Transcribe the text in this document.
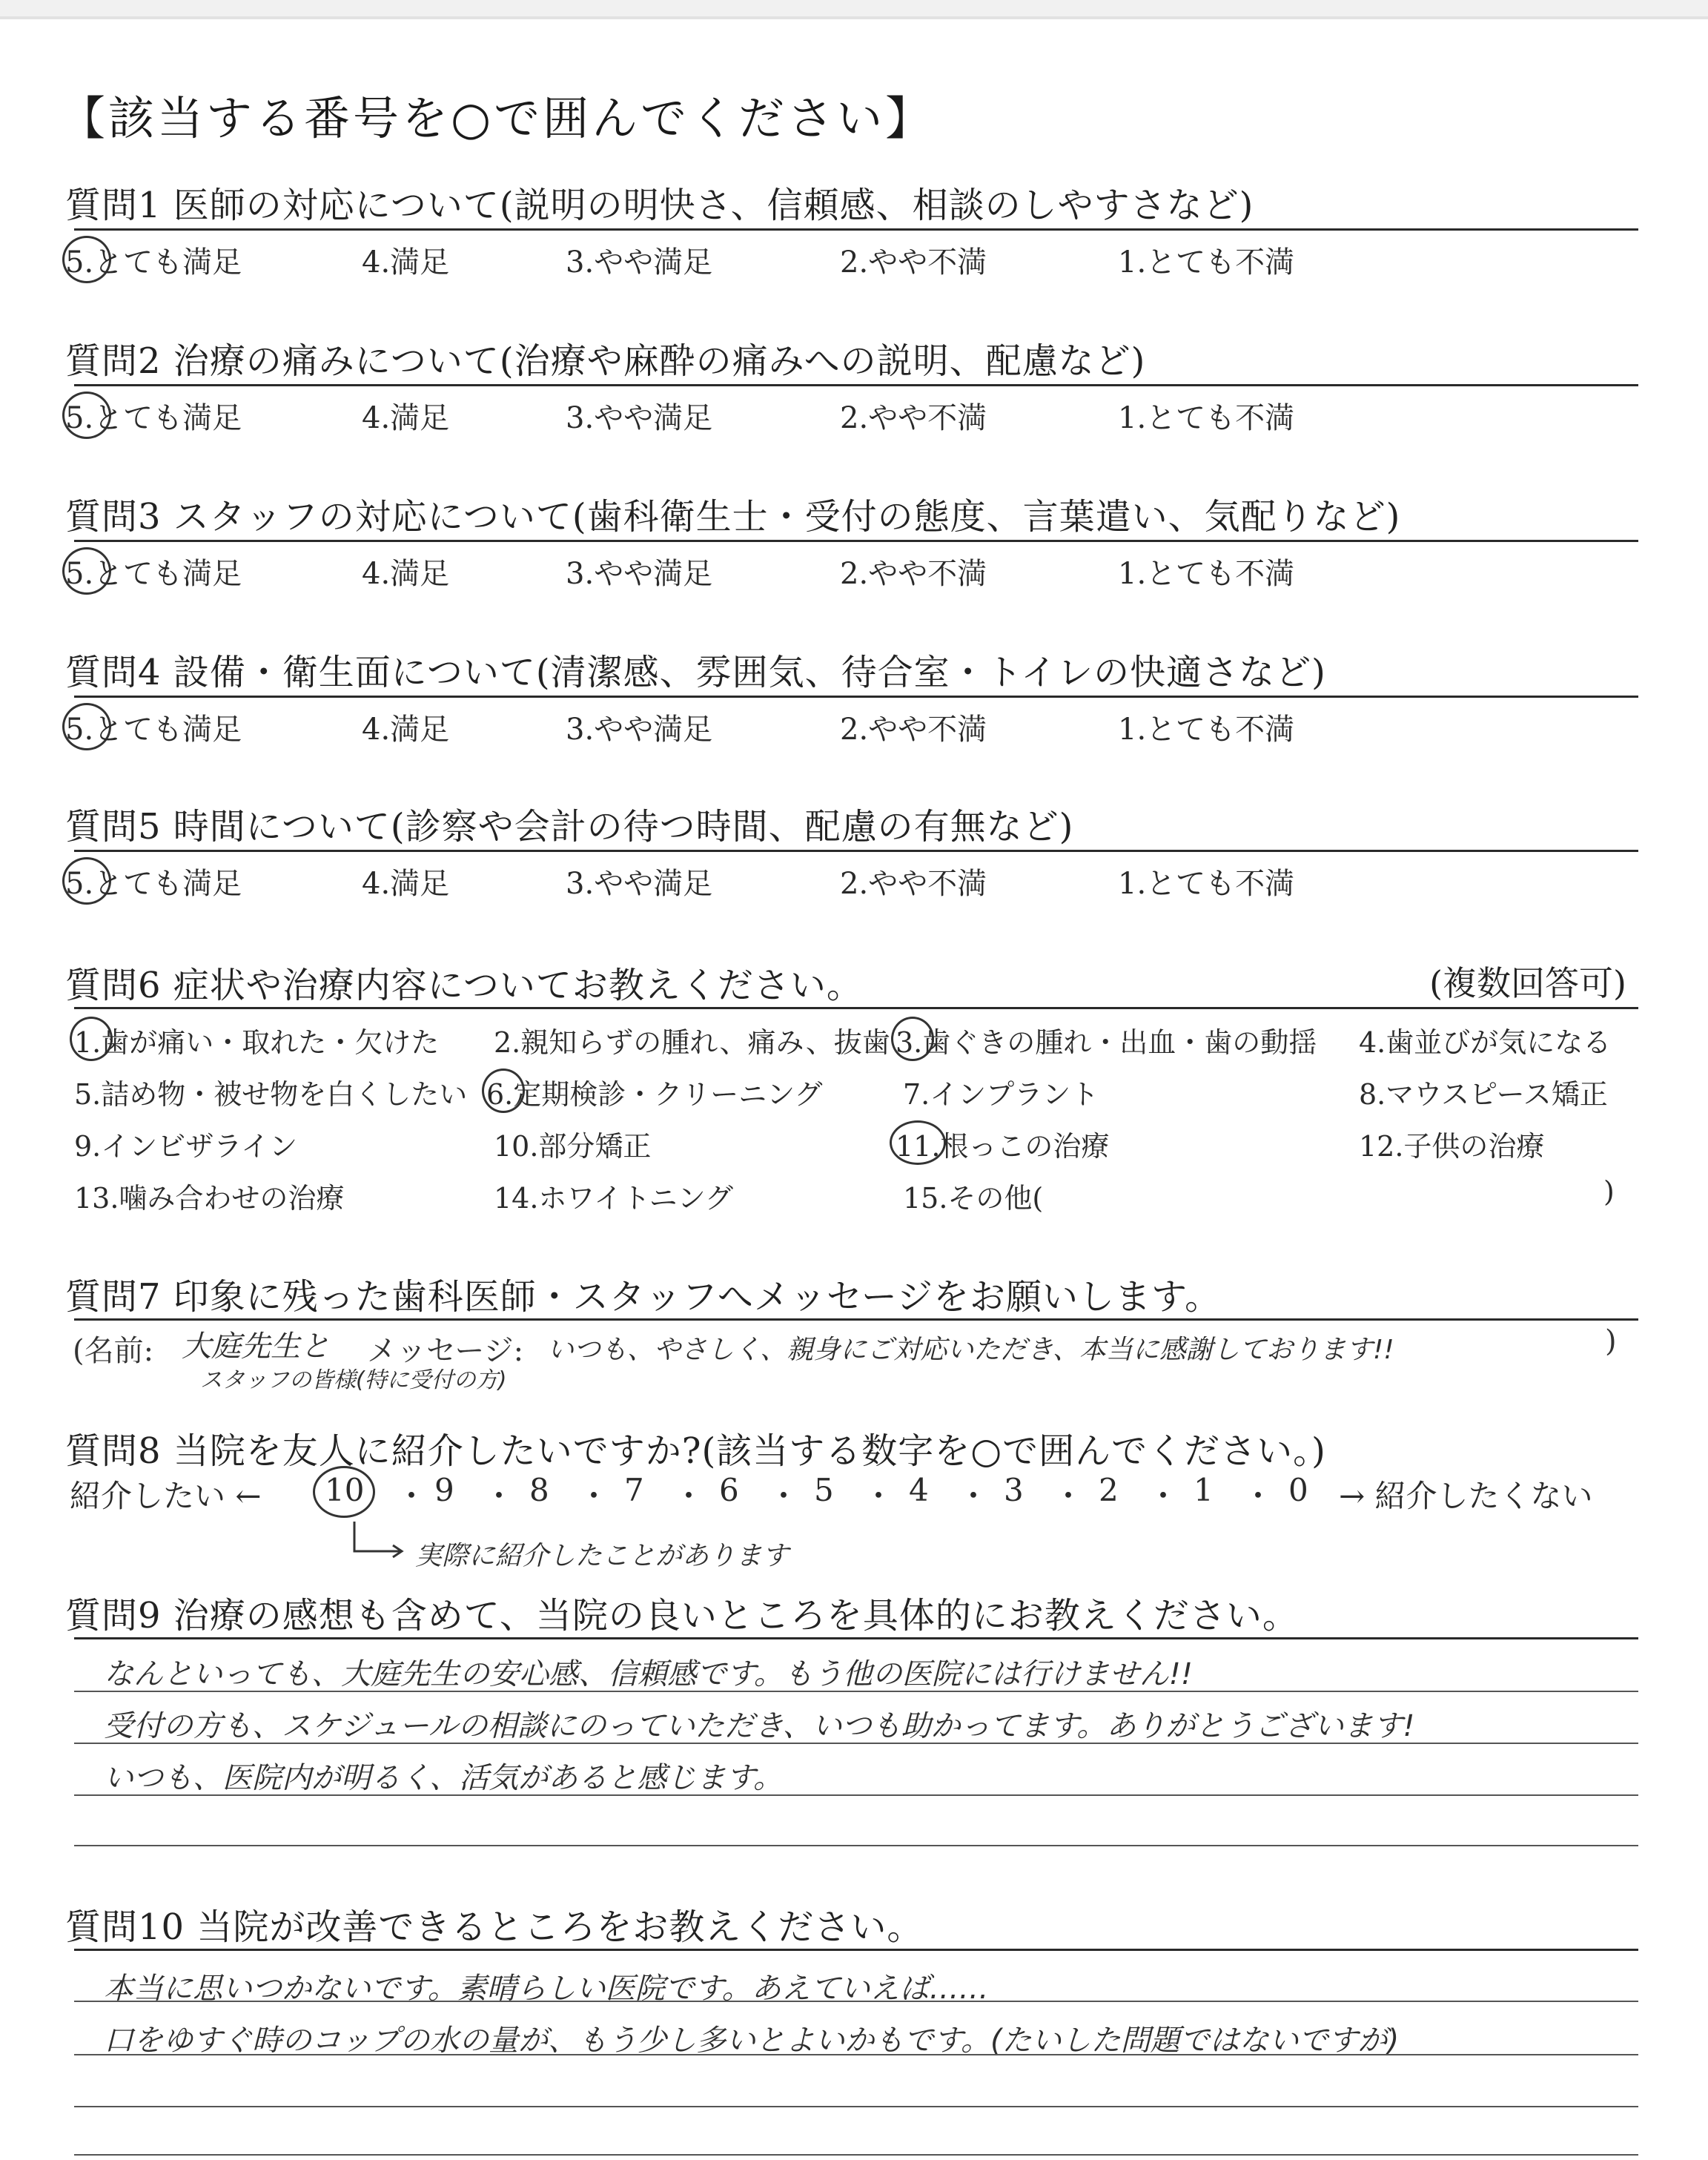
【該当する番号を○で囲んでください】
質問1 医師の対応について(説明の明快さ、信頼感、相談のしやすさなど)
5.とても満足	4.満足	3.やや満足	2.やや不満	1.とても不満
質問2 治療の痛みについて(治療や麻酔の痛みへの説明、配慮など)
5.とても満足	4.満足	3.やや満足	2.やや不満	1.とても不満
質問3 スタッフの対応について(歯科衛生士・受付の態度、言葉遣い、気配りなど)
5.とても満足	4.満足	3.やや満足	2.やや不満	1.とても不満
質問4 設備・衛生面について(清潔感、雰囲気、待合室・トイレの快適さなど)
5.とても満足	4.満足	3.やや満足	2.やや不満	1.とても不満
質問5 時間について(診察や会計の待つ時間、配慮の有無など)
5.とても満足	4.満足	3.やや満足	2.やや不満	1.とても不満
質問6 症状や治療内容についてお教えください。	(複数回答可)
1.歯が痛い・取れた・欠けた 2.親知らずの腫れ、痛み、抜歯 3.歯ぐきの腫れ・出血・歯の動揺 4.歯並びが気になる
5.詰め物・被せ物を白くしたい 6.定期検診・クリーニング	7.インプラント	8.マウスピース矯正
9.インビザライン	10.部分矯正	11.根っこの治療	12.子供の治療
13.噛み合わせの治療	14.ホワイトニング	15.その他(	)
質問7 印象に残った歯科医師・スタッフへメッセージをお願いします。
(名前: 大庭先生と
スタッフの皆様(特に受付の方)
メッセージ: いつも、やさしく、親身にご対応いただき、本当に感謝しております!!	)
質問8 当院を友人に紹介したいですか?(該当する数字を○で囲んでください。)
紹介したい ← 10 ・ 9 ・ 8 ・ 7 ・ 6 ・ 5 ・ 4 ・ 3 ・ 2 ・ 1 ・ 0 → 紹介したくない
実際に紹介したことがあります
質問9 治療の感想も含めて、当院の良いところを具体的にお教えください。
なんといっても、大庭先生の安心感、信頼感です。もう他の医院には行けません!!
受付の方も、スケジュールの相談にのっていただき、いつも助かってます。ありがとうございます!
いつも、医院内が明るく、活気があると感じます。
質問10 当院が改善できるところをお教えください。
本当に思いつかないです。素晴らしい医院です。あえていえば……
口をゆすぐ時のコップの水の量が、もう少し多いとよいかもです。(たいした問題ではないですが)
